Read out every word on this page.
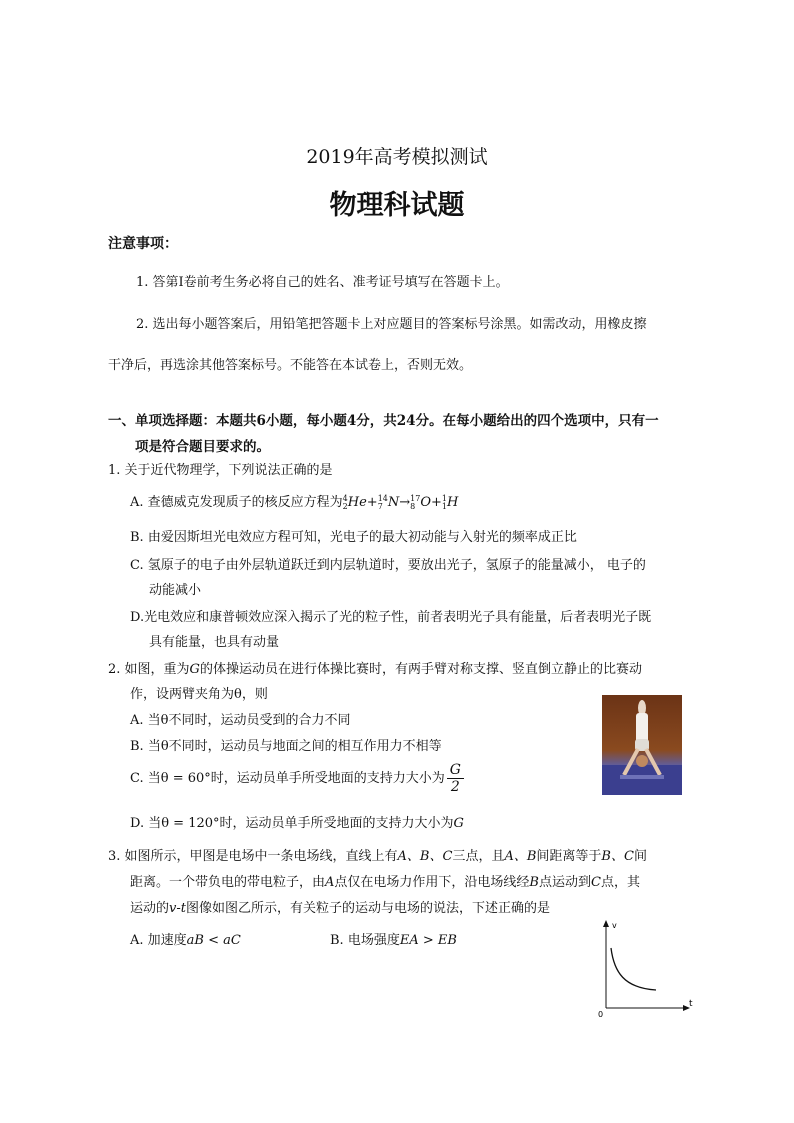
2019年高考模拟测试
物理科试题
注意事项：
1. 答第Ⅰ卷前考生务必将自己的姓名、准考证号填写在答题卡上。
2. 选出每小题答案后，用铅笔把答题卡上对应题目的答案标号涂黑。如需改动，用橡皮擦
干净后，再选涂其他答案标号。不能答在本试卷上，否则无效。
一、单项选择题：本题共6小题，每小题4分，共24分。在每小题给出的四个选项中，只有一
项是符合题目要求的。
1. 关于近代物理学，下列说法正确的是
A. 查德威克发现质子的核反应方程为4
2He+14
7 N→17
8 O+1
1H
B. 由爱因斯坦光电效应方程可知，光电子的最大初动能与入射光的频率成正比
C. 氢原子的电子由外层轨道跃迁到内层轨道时，要放出光子，氢原子的能量减小， 电子的
动能减小
D.光电效应和康普顿效应深入揭示了光的粒子性，前者表明光子具有能量，后者表明光子既
具有能量，也具有动量
2. 如图，重为G的体操运动员在进行体操比赛时，有两手臂对称支撑、竖直倒立静止的比赛动
作，设两臂夹角为θ，则
A. 当θ不同时，运动员受到的合力不同
B. 当θ不同时，运动员与地面之间的相互作用力不相等
C. 当θ = 60°时，运动员单手所受地面的支持力大小为 $\frac{G}{2}$
D. 当θ = 120°时，运动员单手所受地面的支持力大小为G
3. 如图所示，甲图是电场中一条电场线，直线上有A、B、C三点，且A、B间距离等于B、C间
距离。一个带负电的带电粒子，由A点仅在电场力作用下，沿电场线经B点运动到C点，其
运动的v-t图像如图乙所示，有关粒子的运动与电场的说法，下述正确的是
A. 加速度aB < aC	B. 电场强度EA > EB
v
t
0
